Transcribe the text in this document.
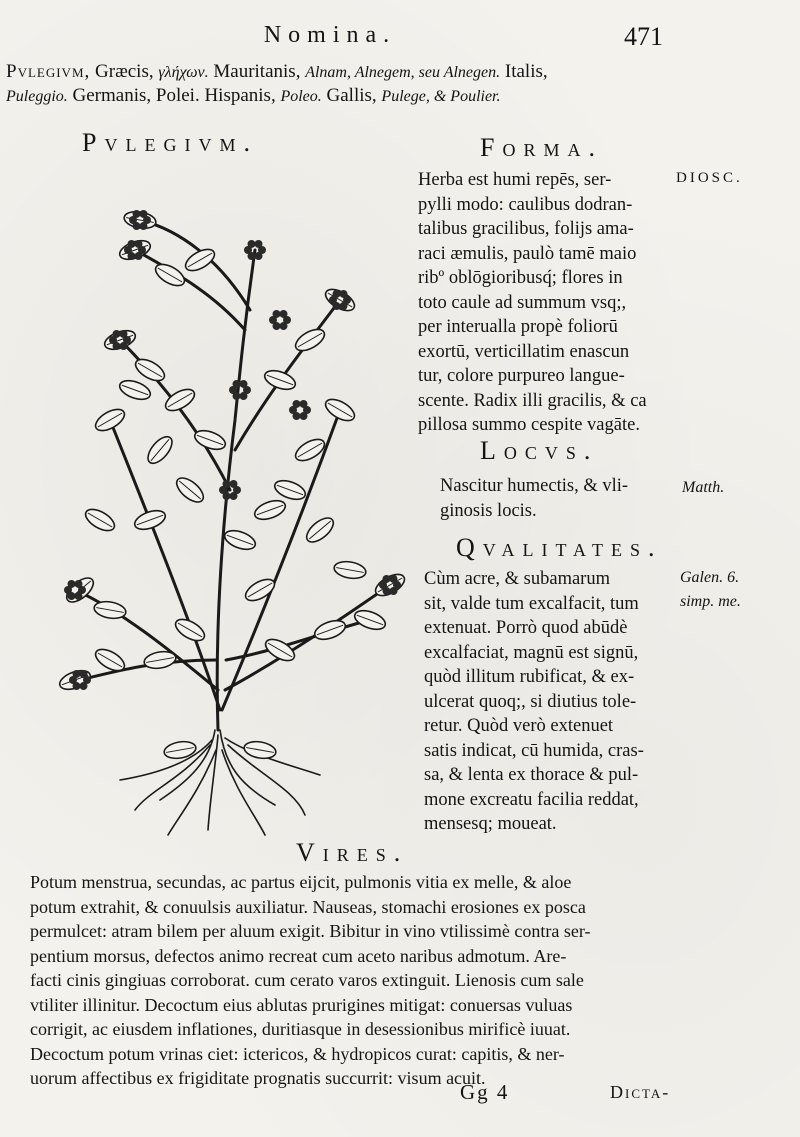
Nomina.	471
Pvlegivm, Græcis, γλήχων. Mauritanis, Alnam, Alnegem, seu Alnegen. Italis,
Puleggio. Germanis, Polei. Hispanis, Poleo. Gallis, Pulege, & Poulier.
Pvlegivm.	Forma.
Herba est humi repēs, ser-
pylli modo: caulibus dodran-
talibus gracilibus, folijs ama-
raci æmulis, paulò tamē maio
ribº oblōgioribusq́; flores in
toto caule ad summum vsq;,
per interualla propè foliorū
exortū, verticillatim enascun
tur, colore purpureo langue-
scente. Radix illi gracilis, & ca
pillosa summo cespite vagāte.
DIOSC.
Locvs.
Nascitur humectis, & vli-
ginosis locis.
Matth.
Qvalitates.
Cùm acre, & subamarum
sit, valde tum excalfacit, tum
extenuat. Porrò quod abūdè
excalfaciat, magnū est signū,
quòd illitum rubificat, & ex-
ulcerat quoq;, si diutius tole-
retur. Quòd verò extenuet
satis indicat, cū humida, cras-
sa, & lenta ex thorace & pul-
mone excreatu facilia reddat,
mensesq; moueat.
Galen. 6.
simp. me.
Vires.
Potum menstrua, secundas, ac partus eijcit, pulmonis vitia ex melle, & aloe
potum extrahit, & conuulsis auxiliatur. Nauseas, stomachi erosiones ex posca
permulcet: atram bilem per aluum exigit. Bibitur in vino vtilissimè contra ser-
pentium morsus, defectos animo recreat cum aceto naribus admotum. Are-
facti cinis gingiuas corroborat. cum cerato varos extinguit. Lienosis cum sale
vtiliter illinitur. Decoctum eius ablutas prurigines mitigat: conuersas vuluas
corrigit, ac eiusdem inflationes, duritiasque in desessionibus mirificè iuuat.
Decoctum potum vrinas ciet: ictericos, & hydropicos curat: capitis, & ner-
uorum affectibus ex frigiditate prognatis succurrit: visum acuit.
Gg 4	Dicta-
